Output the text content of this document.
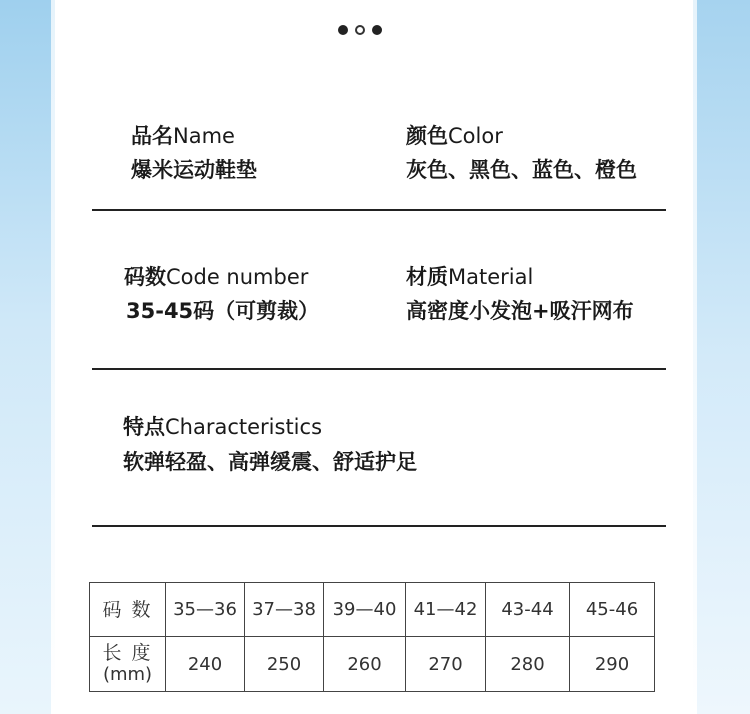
品名Name
爆米运动鞋垫
颜色Color
灰色、黑色、蓝色、橙色
码数Code number
35-45码（可剪裁）
材质Material
高密度小发泡+吸汗网布
特点Characteristics
软弹轻盈、高弹缓震、舒适护足
码 数	35—36	37—38	39—40	41—42	43-44	45-46
长 度
(mm)	240	250	260	270	280	290
